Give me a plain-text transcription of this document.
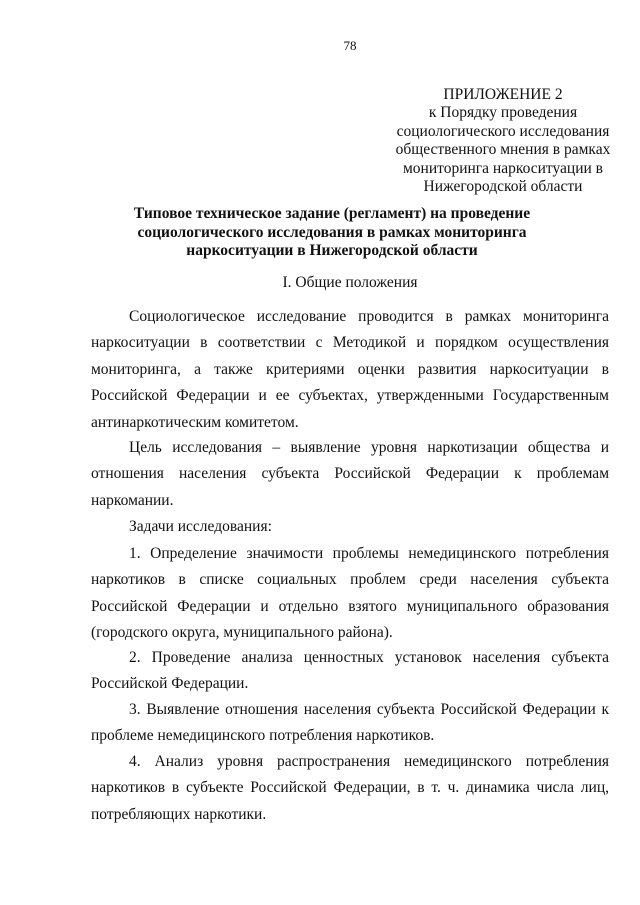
78
ПРИЛОЖЕНИЕ 2
к Порядку проведения
социологического исследования
общественного мнения в рамках
мониторинга наркоситуации в
Нижегородской области
Типовое техническое задание (регламент) на проведение
социологического исследования в рамках мониторинга
наркоситуации в Нижегородской области
I. Общие положения
Социологическое исследование проводится в рамках мониторинга
наркоситуации в соответствии с Методикой и порядком осуществления
мониторинга, а также критериями оценки развития наркоситуации в
Российской Федерации и ее субъектах, утвержденными Государственным
антинаркотическим комитетом.
Цель исследования – выявление уровня наркотизации общества и
отношения населения субъекта Российской Федерации к проблемам
наркомании.
Задачи исследования:
1. Определение значимости проблемы немедицинского потребления
наркотиков в списке социальных проблем среди населения субъекта
Российской Федерации и отдельно взятого муниципального образования
(городского округа, муниципального района).
2. Проведение анализа ценностных установок населения субъекта
Российской Федерации.
3. Выявление отношения населения субъекта Российской Федерации к
проблеме немедицинского потребления наркотиков.
4. Анализ уровня распространения немедицинского потребления
наркотиков в субъекте Российской Федерации, в т. ч. динамика числа лиц,
потребляющих наркотики.
